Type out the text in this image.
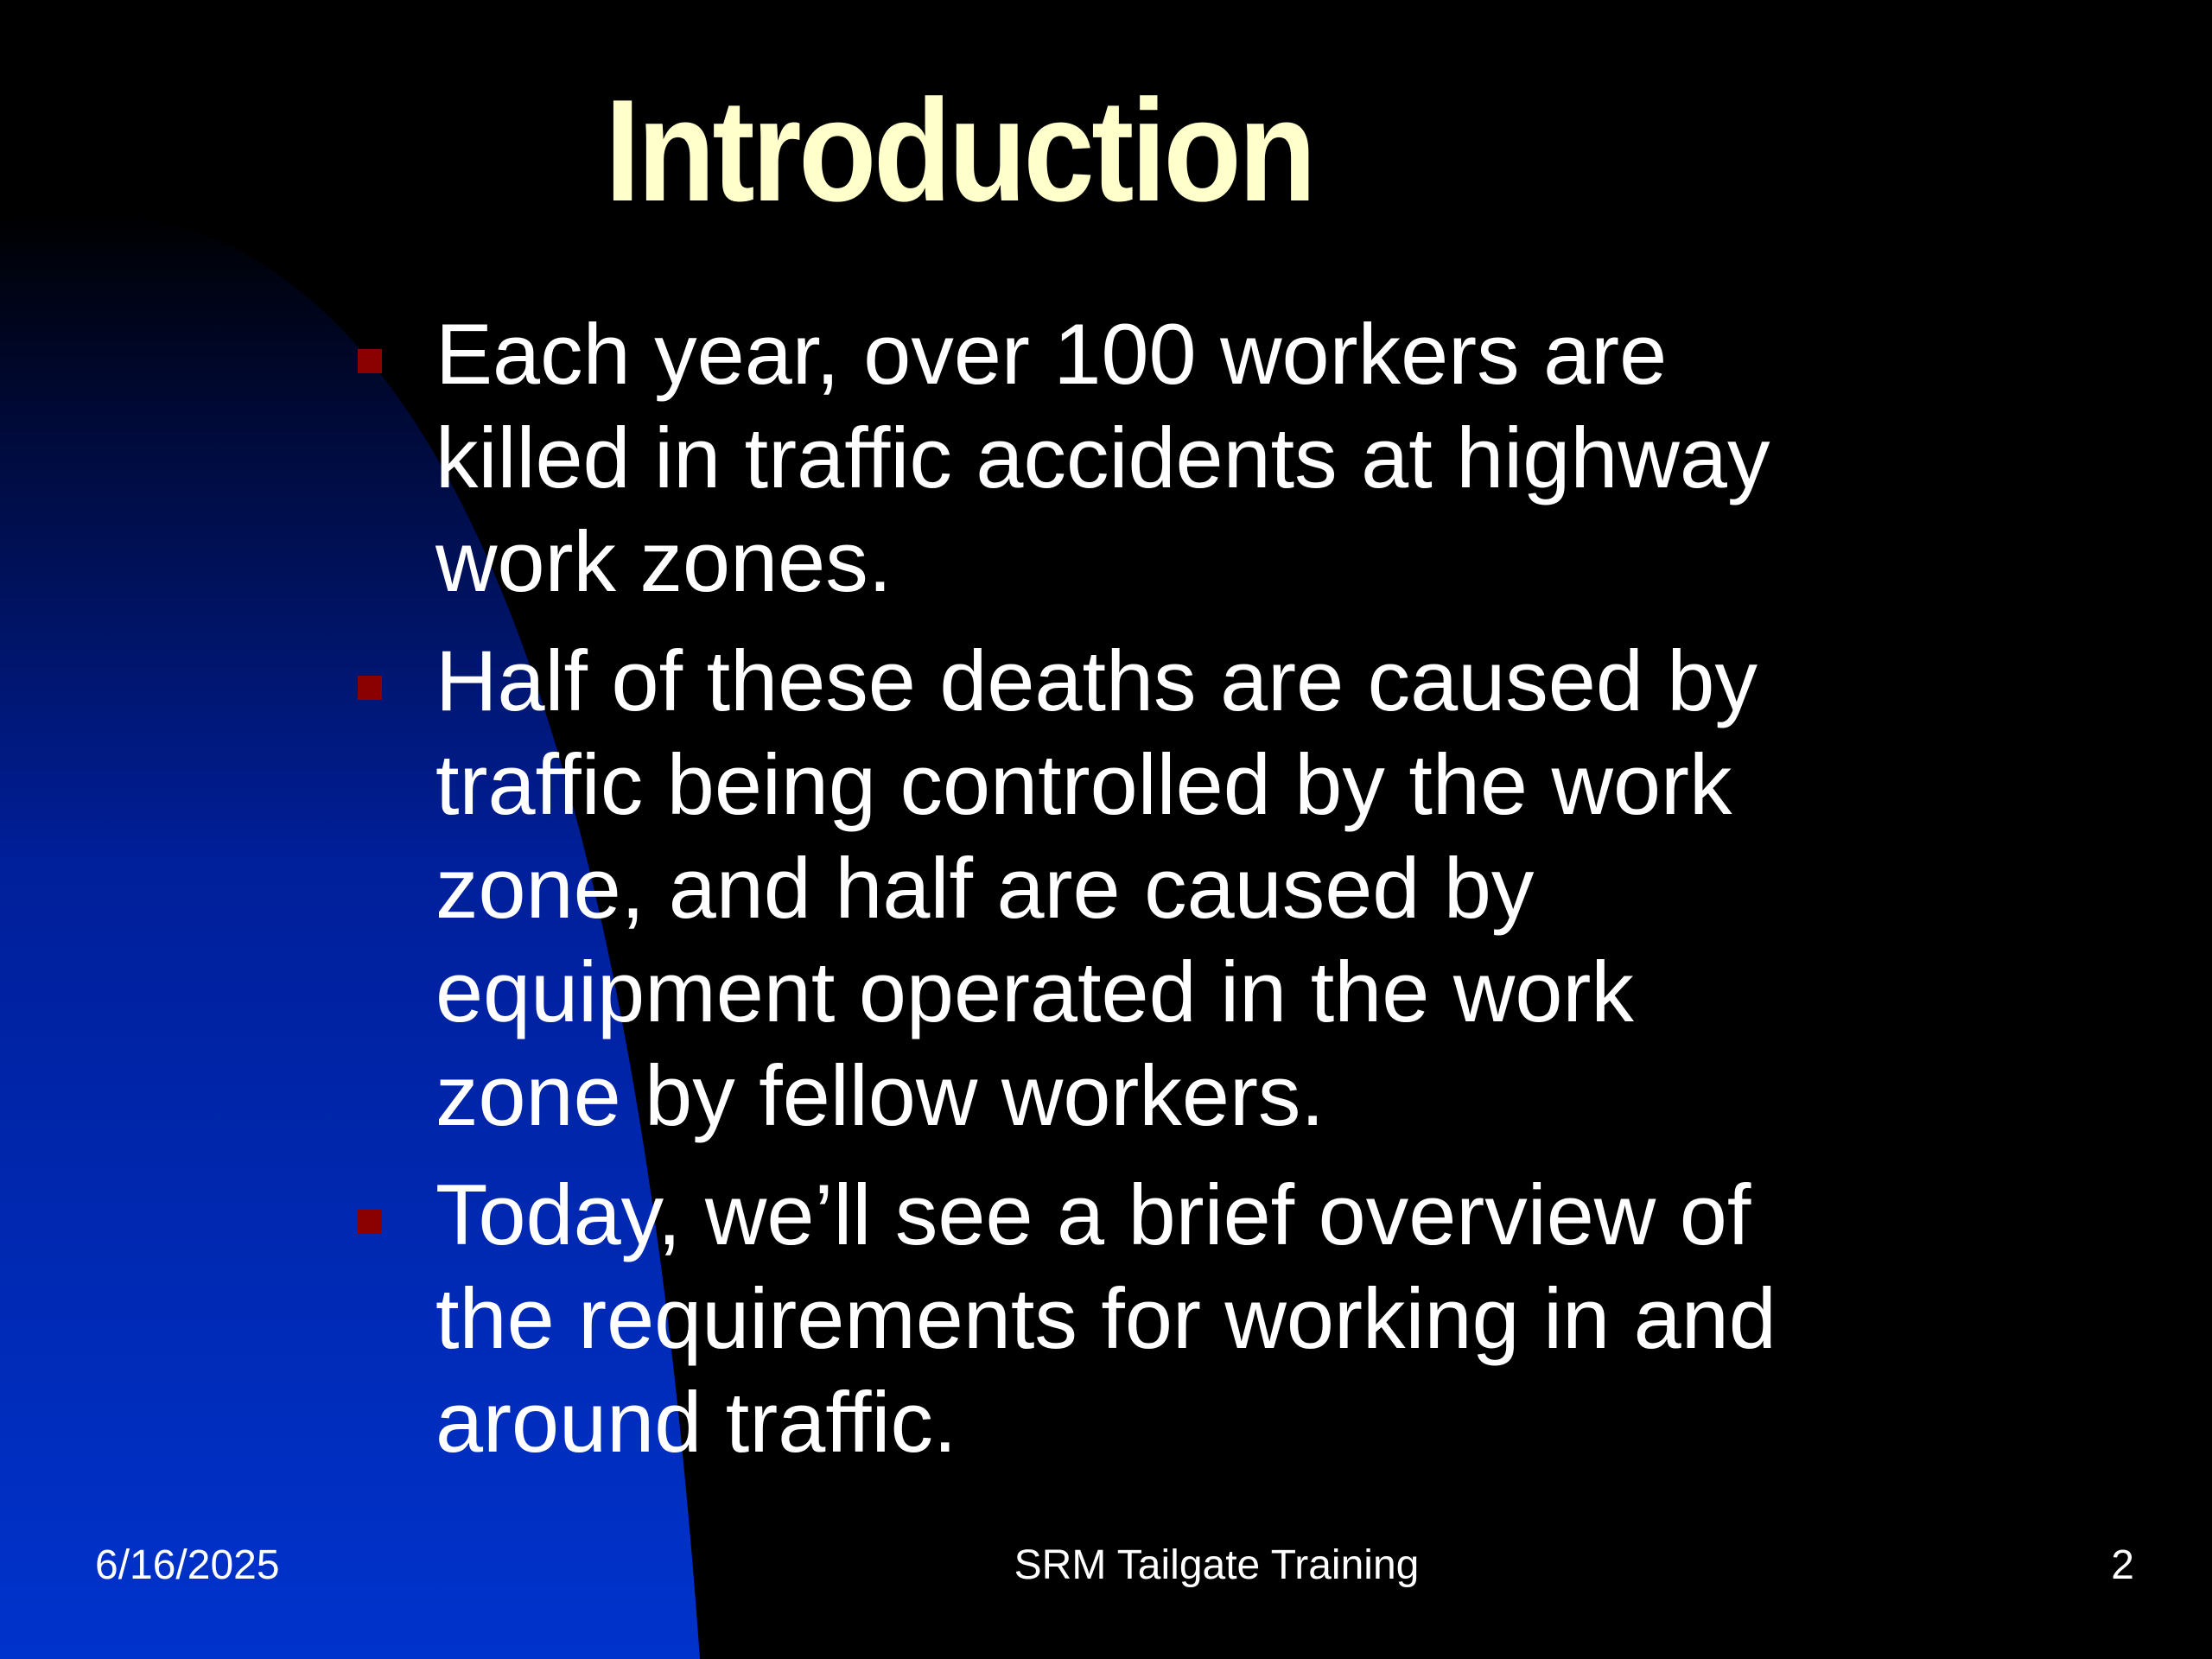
Introduction
Each year, over 100 workers are killed in traffic accidents at highway work zones.
Half of these deaths are caused by traffic being controlled by the work zone, and half are caused by equipment operated in the work zone by fellow workers.
Today, we’ll see a brief overview of the requirements for working in and around traffic.
6/16/2025	SRM Tailgate Training	2
